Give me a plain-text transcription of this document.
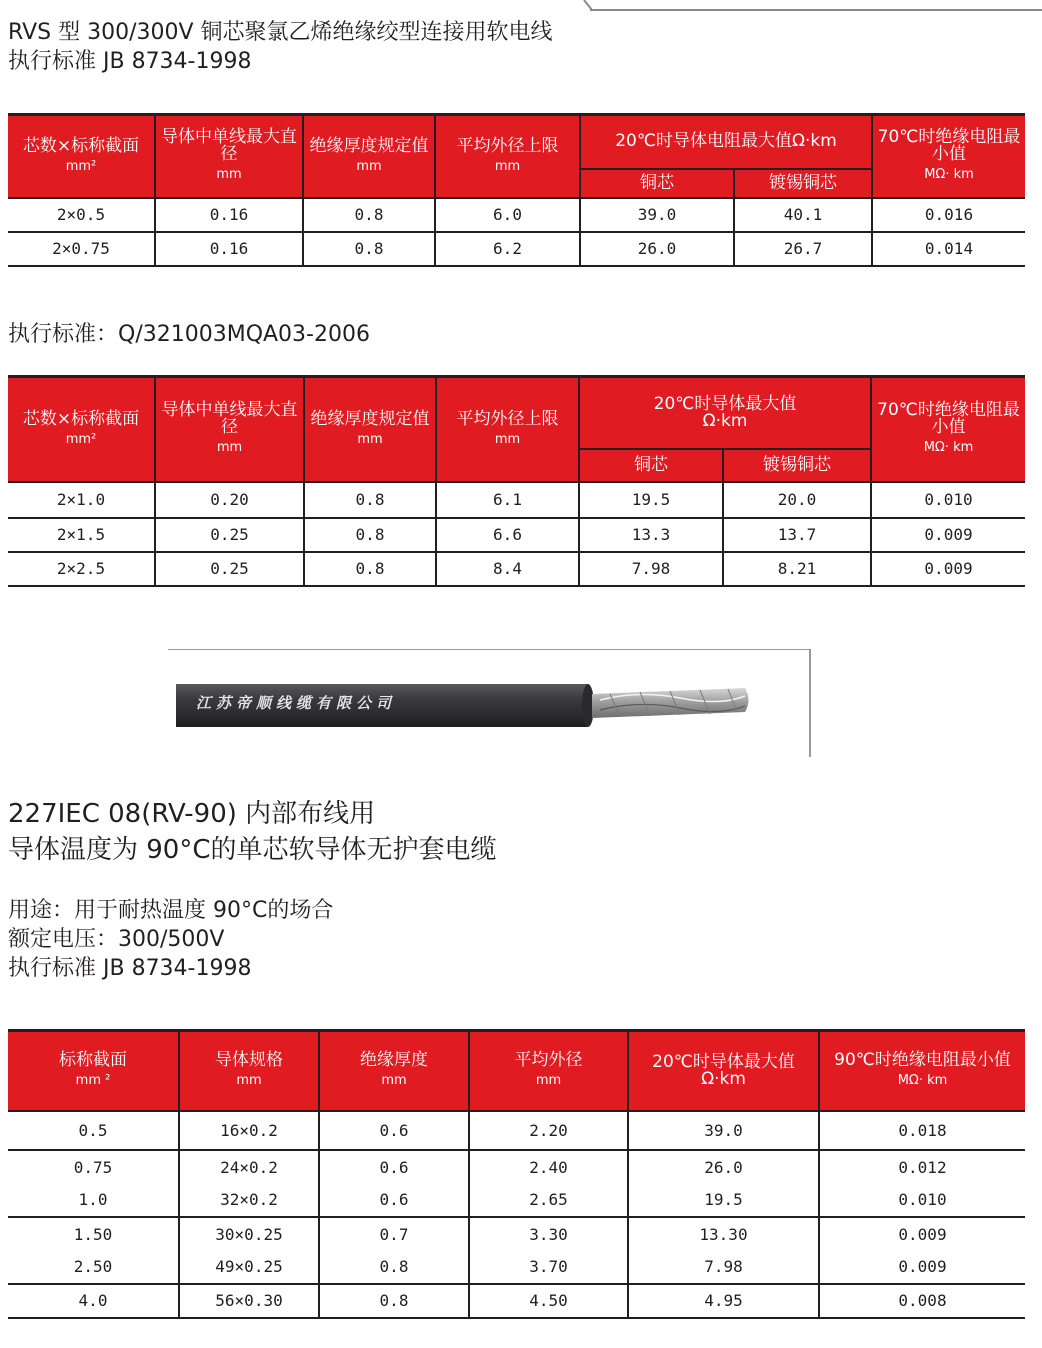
RVS 型 300/300V 铜芯聚氯乙烯绝缘绞型连接用软电线
执行标准 JB 8734-1998
芯数×标称截面
mm²	导体中单线最大直径
mm	绝缘厚度规定值
mm	平均外径上限
mm	20℃时导体电阻最大值Ω·km		70℃时绝缘电阻最小值
MΩ· km

				铜芯	镀锡铜芯	
2×0.5	0.16	0.8	6.0	39.0	40.1	0.016
2×0.75	0.16	0.8	6.2	26.0	26.7	0.014
执行标准：Q/321003MQA03-2006
芯数×标称截面
mm²	导体中单线最大直径
mm	绝缘厚度规定值
mm	平均外径上限
mm	20℃时导体最大值
Ω·km		70℃时绝缘电阻最小值
MΩ· km

				铜芯	镀锡铜芯	
2×1.0	0.20	0.8	6.1	19.5	20.0	0.010
2×1.5	0.25	0.8	6.6	13.3	13.7	0.009
2×2.5	0.25	0.8	8.4	7.98	8.21	0.009
江苏帝顺线缆有限公司
227IEC 08(RV-90) 内部布线用
导体温度为 90°C的单芯软导体无护套电缆
用途：用于耐热温度 90°C的场合
额定电压：300/500V
执行标准 JB 8734-1998
标称截面
mm ²	导体规格
mm	绝缘厚度
mm	平均外径
mm	20℃时导体最大值
Ω·km	90℃时绝缘电阻最小值
MΩ· km

0.5	16×0.2	0.6	2.20	39.0	0.018
0.75	24×0.2	0.6	2.40	26.0	0.012
1.0	32×0.2	0.6	2.65	19.5	0.010
1.50	30×0.25	0.7	3.30	13.30	0.009
2.50	49×0.25	0.8	3.70	7.98	0.009
4.0	56×0.30	0.8	4.50	4.95	0.008
